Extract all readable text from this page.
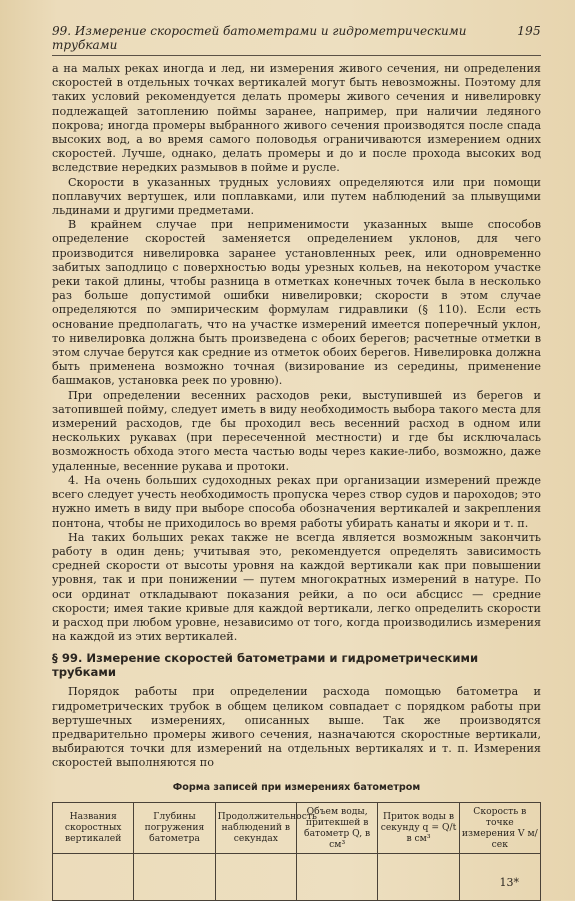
99. Измерение скоростей батометрами и гидрометрическими трубками
195

а на малых реках иногда и лед, ни измерения живого сечения, ни определения скоростей в отдельных точках вертикалей могут быть невозможны. Поэтому для таких условий рекомендуется делать промеры живого сечения и нивелировку подлежащей затоплению поймы заранее, например, при наличии ледяного покрова; иногда промеры выбранного живого сечения производятся после спада высоких вод, а во время самого половодья ограничиваются измерением одних скоростей. Лучше, однако, делать промеры и до и после прохода высоких вод вследствие нередких размывов в пойме и русле.

Скорости в указанных трудных условиях определяются или при помощи поплавучих вертушек, или поплавками, или путем наблюдений за плывущими льдинами и другими предметами.

В крайнем случае при неприменимости указанных выше способов определение скоростей заменяется определением уклонов, для чего производится нивелировка заранее установленных реек, или одновременно забитых заподлицо с поверхностью воды урезных кольев, на некотором участке реки такой длины, чтобы разница в отметках конечных точек была в несколько раз больше допустимой ошибки нивелировки; скорости в этом случае определяются по эмпирическим формулам гидравлики (§ 110). Если есть основание предполагать, что на участке измерений имеется поперечный уклон, то нивелировка должна быть произведена с обоих берегов; расчетные отметки в этом случае берутся как средние из отметок обоих берегов. Нивелировка должна быть применена возможно точная (визирование из середины, применение башмаков, установка реек по уровню).

При определении весенних расходов реки, выступившей из берегов и затопившей пойму, следует иметь в виду необходимость выбора такого места для измерений расходов, где бы проходил весь весенний расход в одном или нескольких рукавах (при пересеченной местности) и где бы исключалась возможность обхода этого места частью воды через какие-либо, возможно, даже удаленные, весенние рукава и протоки.

4. На очень больших судоходных реках при организации измерений прежде всего следует учесть необходимость пропуска через створ судов и пароходов; это нужно иметь в виду при выборе способа обозначения вертикалей и закрепления понтона, чтобы не приходилось во время работы убирать канаты и якори и т. п.

На таких больших реках также не всегда является возможным закончить работу в один день; учитывая это, рекомендуется определять зависимость средней скорости от высоты уровня на каждой вертикали как при повышении уровня, так и при понижении — путем многократных измерений в натуре. По оси ординат откладывают показания рейки, а по оси абсцисс — средние скорости; имея такие кривые для каждой вертикали, легко определить скорости и расход при любом уровне, независимо от того, когда производились измерения на каждой из этих вертикалей.

§ 99. Измерение скоростей батометрами и гидрометрическими трубками

Порядок работы при определении расхода помощью батометра и гидрометрических трубок в общем целиком совпадает с порядком работы при вертушечных измерениях, описанных выше. Так же производятся предварительно промеры живого сечения, назначаются скоростные вертикали, выбираются точки для измерений на отдельных вертикалях и т. п. Измерения скоростей выполняются по

Форма записей при измерениях батометром
Названия скоростных вертикалей	Глубины погружения батометра	Продолжительность наблюдений в секундах	Объем воды, притекшей в батометр Q, в см³	Приток воды в секунду q = Q/t в см³	Скорость в точке измерения V м/сек

13*
